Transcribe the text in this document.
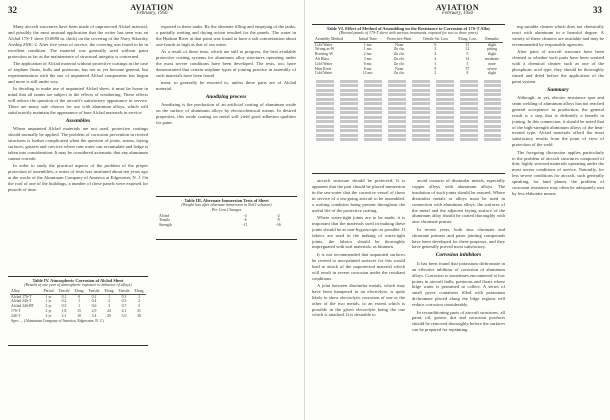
32	AVIATION
February, 1956

Many aircraft structures have been made of unprotected Alclad material, and possibly the most unusual application that the writer has seen was an Alclad 17S-T sheet (0.0080 in. thick) on the covering of the Navy Sikorsky Airship ZMC-2. After five years of service, the covering was found to be in excellent condition. The material was generally used without paint protection as far as the maintenance of structural integrity is concerned.

The application of Alclad material without protective coatings in the case of airplane floats, hulls and pontoons, has not as yet become general, but experimentation with the use of unpainted Alclad components has begun and more is still under way.

In deciding to make use of unpainted Alclad sheet, it must be borne in mind that all seams are subject to the effects of weathering. These effects will reduce the question of the aircraft's satisfactory appearance in service. There are many safe choices for use with aluminum alloys, which will satisfactorily maintain the appearance of bare Alclad materials in service.

Assemblies

Where unpainted Alclad materials are not used, protective coatings should normally be applied. The problem of corrosion prevention in riveted structures is further complicated when the question of joints, seams, faying surfaces, gussets and crevices where rain water can accumulate and lodge is taken into consideration. It may be considered axiomatic that any aluminum cannot corrode.

In order to study the practical aspects of the problem of the proper protection of assemblies, a series of tests was instituted about ten years ago at the works of the Aluminum Company of America at Edgewater, N. J. On the roof of one of the buildings, a number of these panels were exposed for periods of time.

exposed to these tanks. By the alternate filling and emptying of the tanks, a partially wetting and drying action resulted for the panels. The water in the Hudson River at that point was found to have a salt concentration about one-fourth as high as that of sea water.

As a result of these tests, which are still in progress, the best available protective coating systems for aluminum alloy structures operating under the most severe conditions have been developed. The tests, too, have demonstrated that certain seaplane types of joining practice in assembly of such materials have been found.

ment, to generally be resorted to, unless these parts are of Alclad material.

Anodizing process

Anodizing is the production of an artificial coating of aluminum oxide on the surface of aluminum alloys by electrochemical means. In desired properties, this oxide coating on metal will yield good adhesion qualities for paint.

Table III. Alternate Immersion Tests of Sheet
(Weight loss after alternate immersion in NaCl solution)
Per Cent Changes
Alclad	-4	-2
Tensile	-6	-9
Strength	-11	-16
Table IV. Atmospheric Corrosion of Alclad Sheet
(Results of one year of atmospheric exposure to behavior of alloys)
Alloy	Period	Tensile	Elong	Tensile	Elong	Tensile	Elong
Alclad 17S-T	1 yr	0.1	0	0.2	1	0.3	2
Alclad 24S-T	1 yr	0.2	1	0.4	2	0.5	2
Alclad 24S-RT	2 yr	0.3	1	0.6	3	0.7	3
17S-T	2 yr	1.8	15	2.9	24	4.1	31
24S-T	2 yr	2.1	18	3.4	29	5.0	38
Spec. ... (Aluminum Company of America, Edgewater, N. J.)
33
AVIATION
February, 1956
Table VI. Effect of Method of Assembling on the Resistance to Corrosion of 17S-T Alloy
(Riveted panels of 17S-T sheet with various treatments, exposed for two to three years)
Assembly Method	Initial Time	Protective Paint	Tensile Str. Loss	Elong. Loss	Remarks
Cold Water	1 mo.	None	6	21	slight
Wrong as-W	1 mo.	Zn chr.	3	12	pitting
Riveting-W	2 mo.	Zn chr.	2	9	slight
Air Blast	3 mo.	Zn chr.	4	14	moderate
Cold Water	6 mo.	Zn chr.	1	5	none
Heat Rivet	8 mo.	None	9	37	severe
Cold Water	12 mo.	Zn chr.	2	8	slight

aircraft structure should be protected. It is apparent that the part should be placed immersion in the sea-water that the corrosive vessel of those in service of a sea-going aircraft to be assembled, a wetting condition being present throughout the useful life of the protective coating.

Where water-tight joints are to be made, it is important that the materials used in making these joints should be as non-hygroscopic as possible. If fabrics are used in the making of water-tight joints, the fabrics should be thoroughly impregnated with seal materials, as bitumen.

It is not recommended that unpainted surfaces be riveted to non-painted surfaces for this would lead to attack of the unprotected material which will result in severe corrosion under the resultant conditions.

A joint between dissimilar metals, which may have been hampered in an electrolyte, is quite likely to show electrolytic corrosion of one or the other of the two metals, to an extent which is possible in the given electrolyte being the one which is attacked. It is desirable to

avoid contacts of dissimilar metals, especially copper alloys with aluminum alloys. The insulation of such joints should be assured. Where dissimilar metals or alloys must be used in connection with aluminum alloys, the surfaces of the metal and the adjacent faying surface of the aluminum alloy should be coated thoroughly with zinc chromate primer.

In recent years, both zinc chromate and chromate primers and paste jointing compounds have been developed for these purposes, and they have generally proved most satisfactory.

Corrosion inhibitors

It has been found that potassium dichromate in an effective inhibitor of corrosion of aluminum alloys. Corrosion is sometimes encountered at low points in aircraft hulls, pontoons and floats where bilge water is permitted to collect. A series of small pyrex containers filled with potassium dichromate placed along the bilge regions will reduce corrosion considerably.

In reconditioning parts of aircraft structures, all paint, oil, grease, dirt and corrosion products should be removed thoroughly before the surfaces can be prepared for repainting.

ing suitable cleaner which does not chemically react with aluminum in a harmful degree. A variety of these cleaners are available and may be recommended by responsible agencies.

After parts of aircraft structure have been cleaned or whether such parts have been washed with a chemical cleaner such as one of the phosphoric acid type, they should be thoroughly rinsed and dried before the application of the paint system.

Summary

Although, as yet, electric resistance spot and seam welding of aluminum alloys has not reached general acceptance in production, the general result is a step that is definitely a benefit in joining. In this connection, it should be noted that of the high-strength aluminum alloys of the heat-treated type, Alclad materials afford the most satisfactory results from the point of view of protection of the weld.

The foregoing discussion applies particularly to the problem of aircraft structures composed of thin, highly stressed materials operating under the most severe conditions of service. Naturally, for less severe conditions for aircraft, such generally speaking, for land planes, the problem of corrosion resistance may often be adequately met by less elaborate means.
